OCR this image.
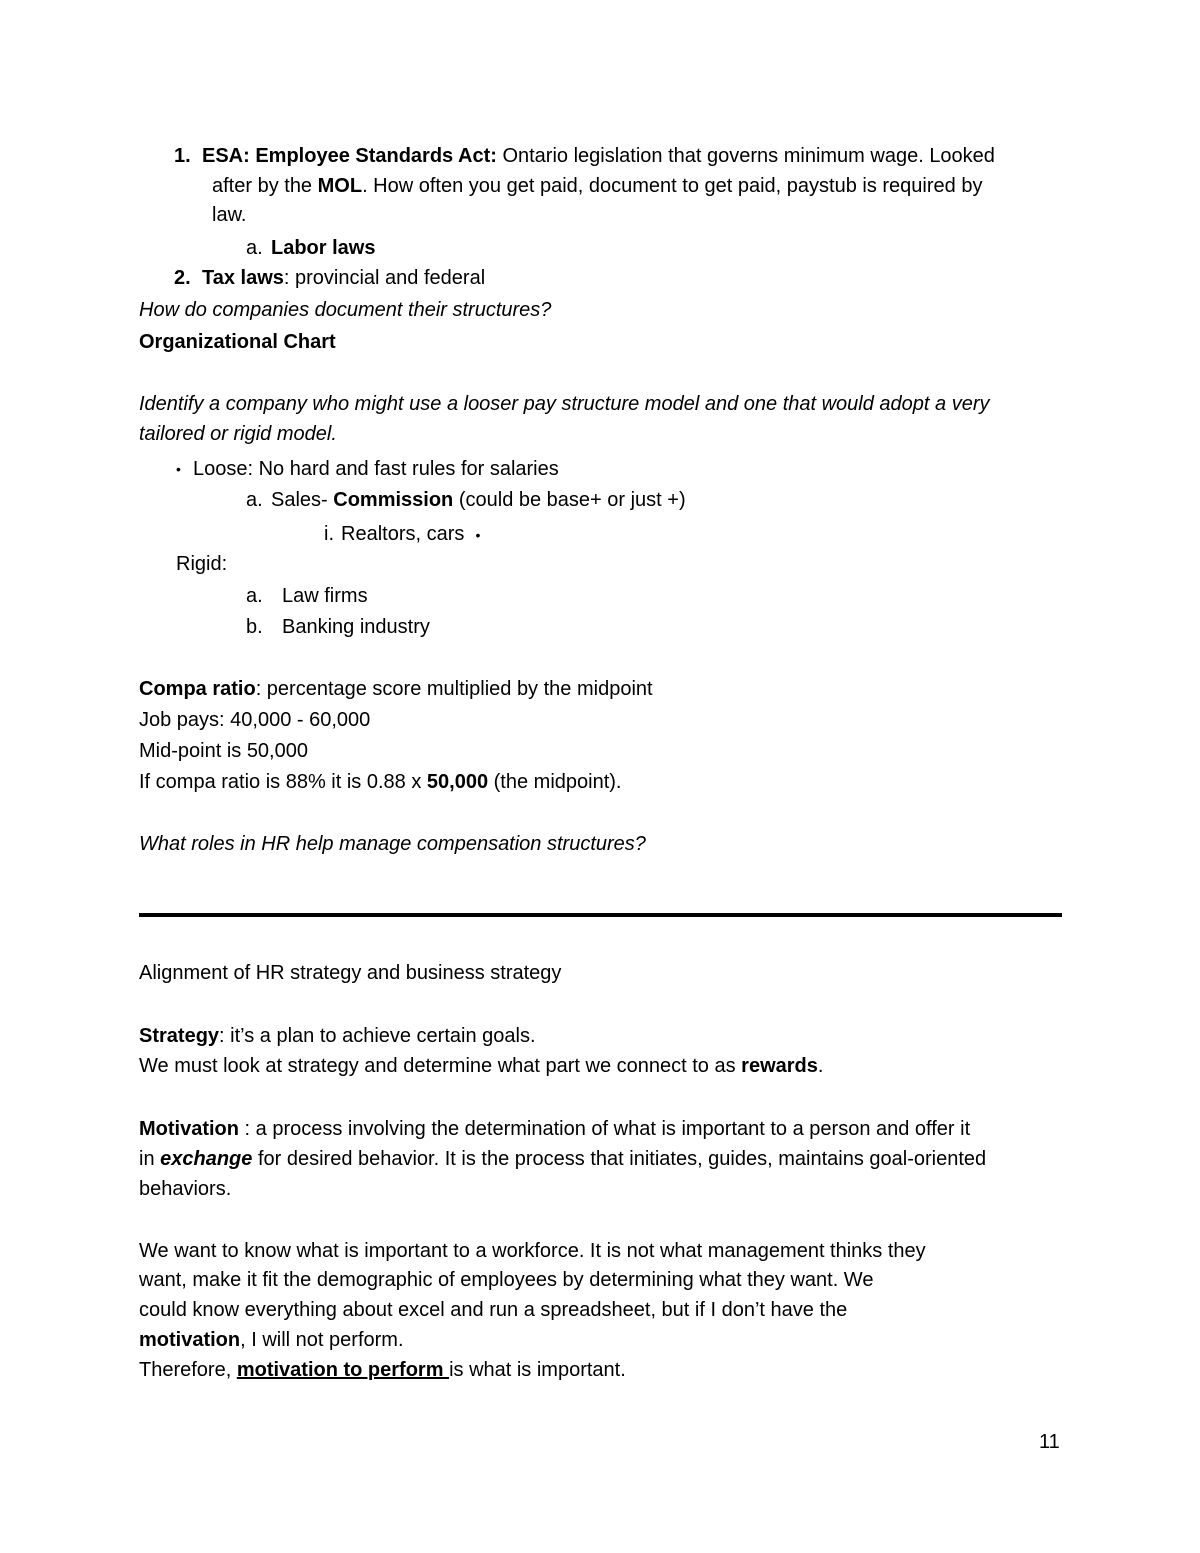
1. ESA: Employee Standards Act: Ontario legislation that governs minimum wage. Looked
after by the MOL. How often you get paid, document to get paid, paystub is required by
law.
a. Labor laws
2. Tax laws: provincial and federal
How do companies document their structures?
Organizational Chart
Identify a company who might use a looser pay structure model and one that would adopt a very
tailored or rigid model.
• Loose: No hard and fast rules for salaries
a. Sales- Commission (could be base+ or just +)
i. Realtors, cars •
Rigid:
a. Law firms
b. Banking industry
Compa ratio: percentage score multiplied by the midpoint
Job pays: 40,000 - 60,000
Mid-point is 50,000
If compa ratio is 88% it is 0.88 x 50,000 (the midpoint).
What roles in HR help manage compensation structures?
Alignment of HR strategy and business strategy
Strategy: it’s a plan to achieve certain goals.
We must look at strategy and determine what part we connect to as rewards.
Motivation : a process involving the determination of what is important to a person and offer it
in exchange for desired behavior. It is the process that initiates, guides, maintains goal-oriented
behaviors.
We want to know what is important to a workforce. It is not what management thinks they
want, make it fit the demographic of employees by determining what they want. We
could know everything about excel and run a spreadsheet, but if I don’t have the
motivation, I will not perform.
Therefore, motivation to perform is what is important.
11
